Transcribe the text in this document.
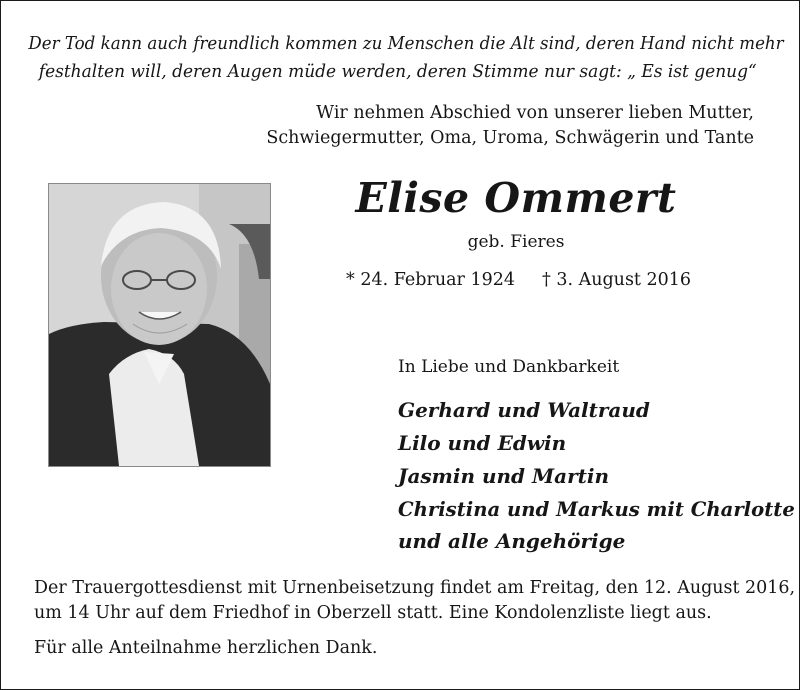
Der Tod kann auch freundlich kommen zu Menschen die Alt sind, deren Hand nicht mehr
festhalten will, deren Augen müde werden, deren Stimme nur sagt: „ Es ist genug“
Wir nehmen Abschied von unserer lieben Mutter,
Schwiegermutter, Oma, Uroma, Schwägerin und Tante
Elise Ommert
geb. Fieres
* 24. Februar 1924 † 3. August 2016
In Liebe und Dankbarkeit
Gerhard und Waltraud
Lilo und Edwin
Jasmin und Martin
Christina und Markus mit Charlotte
und alle Angehörige
Der Trauergottesdienst mit Urnenbeisetzung findet am Freitag, den 12. August 2016,
um 14 Uhr auf dem Friedhof in Oberzell statt. Eine Kondolenzliste liegt aus.
Für alle Anteilnahme herzlichen Dank.
